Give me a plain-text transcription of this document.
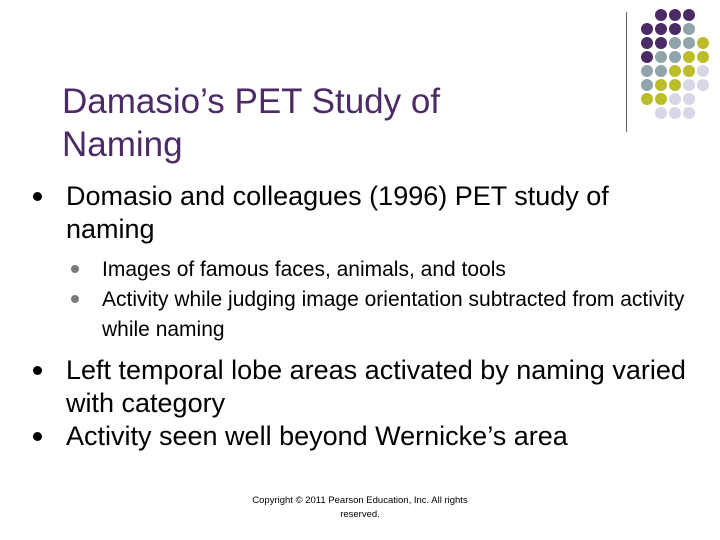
Damasio’s PET Study of
Naming
Domasio and colleagues (1996) PET study of naming
Images of famous faces, animals, and tools
Activity while judging image orientation subtracted from activity while naming
Left temporal lobe areas activated by naming varied with category
Activity seen well beyond Wernicke’s area
Copyright © 2011 Pearson Education, Inc. All rights reserved.
